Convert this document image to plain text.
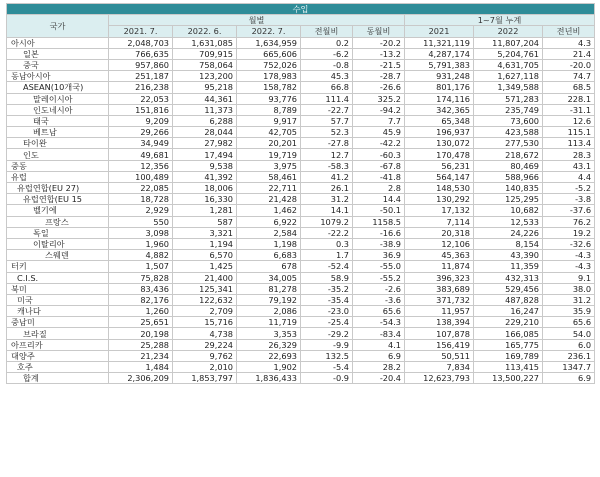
수입								
국가	월별					1~7월 누계		
	2021. 7.	2022. 6.	2022. 7.	전월비	동월비	2021	2022	전년비
아시아	2,048,703	1,631,085	1,634,959	0.2	-20.2	11,321,119	11,807,204	4.3
일본	766,635	709,915	665,606	-6.2	-13.2	4,287,174	5,204,761	21.4
중국	957,860	758,064	752,026	-0.8	-21.5	5,791,383	4,631,705	-20.0
동남아시아	251,187	123,200	178,983	45.3	-28.7	931,248	1,627,118	74.7
ASEAN(10개국)	216,238	95,218	158,782	66.8	-26.6	801,176	1,349,588	68.5
말레이시아	22,053	44,361	93,776	111.4	325.2	174,116	571,283	228.1
인도네시아	151,816	11,373	8,789	-22.7	-94.2	342,365	235,749	-31.1
태국	9,209	6,288	9,917	57.7	7.7	65,348	73,600	12.6
베트남	29,266	28,044	42,705	52.3	45.9	196,937	423,588	115.1
타이완	34,949	27,982	20,201	-27.8	-42.2	130,072	277,530	113.4
인도	49,681	17,494	19,719	12.7	-60.3	170,478	218,672	28.3
중동	12,356	9,538	3,975	-58.3	-67.8	56,231	80,469	43.1
유럽	100,489	41,392	58,461	41.2	-41.8	564,147	588,966	4.4
유럽연합(EU 27)	22,085	18,006	22,711	26.1	2.8	148,530	140,835	-5.2
유럽연합(EU 15	18,728	16,330	21,428	31.2	14.4	130,292	125,295	-3.8
벨기에	2,929	1,281	1,462	14.1	-50.1	17,132	10,682	-37.6
프랑스	550	587	6,922	1079.2	1158.5	7,114	12,533	76.2
독일	3,098	3,321	2,584	-22.2	-16.6	20,318	24,226	19.2
이탈리아	1,960	1,194	1,198	0.3	-38.9	12,106	8,154	-32.6
스웨덴	4,882	6,570	6,683	1.7	36.9	45,363	43,390	-4.3
터키	1,507	1,425	678	-52.4	-55.0	11,874	11,359	-4.3
C.I.S.	75,828	21,400	34,005	58.9	-55.2	396,323	432,313	9.1
북미	83,436	125,341	81,278	-35.2	-2.6	383,689	529,456	38.0
미국	82,176	122,632	79,192	-35.4	-3.6	371,732	487,828	31.2
캐나다	1,260	2,709	2,086	-23.0	65.6	11,957	16,247	35.9
중남미	25,651	15,716	11,719	-25.4	-54.3	138,394	229,210	65.6
브라질	20,198	4,738	3,353	-29.2	-83.4	107,878	166,085	54.0
아프리카	25,288	29,224	26,329	-9.9	4.1	156,419	165,775	6.0
대양주	21,234	9,762	22,693	132.5	6.9	50,511	169,789	236.1
호주	1,484	2,010	1,902	-5.4	28.2	7,834	113,415	1347.7
합계	2,306,209	1,853,797	1,836,433	-0.9	-20.4	12,623,793	13,500,227	6.9
